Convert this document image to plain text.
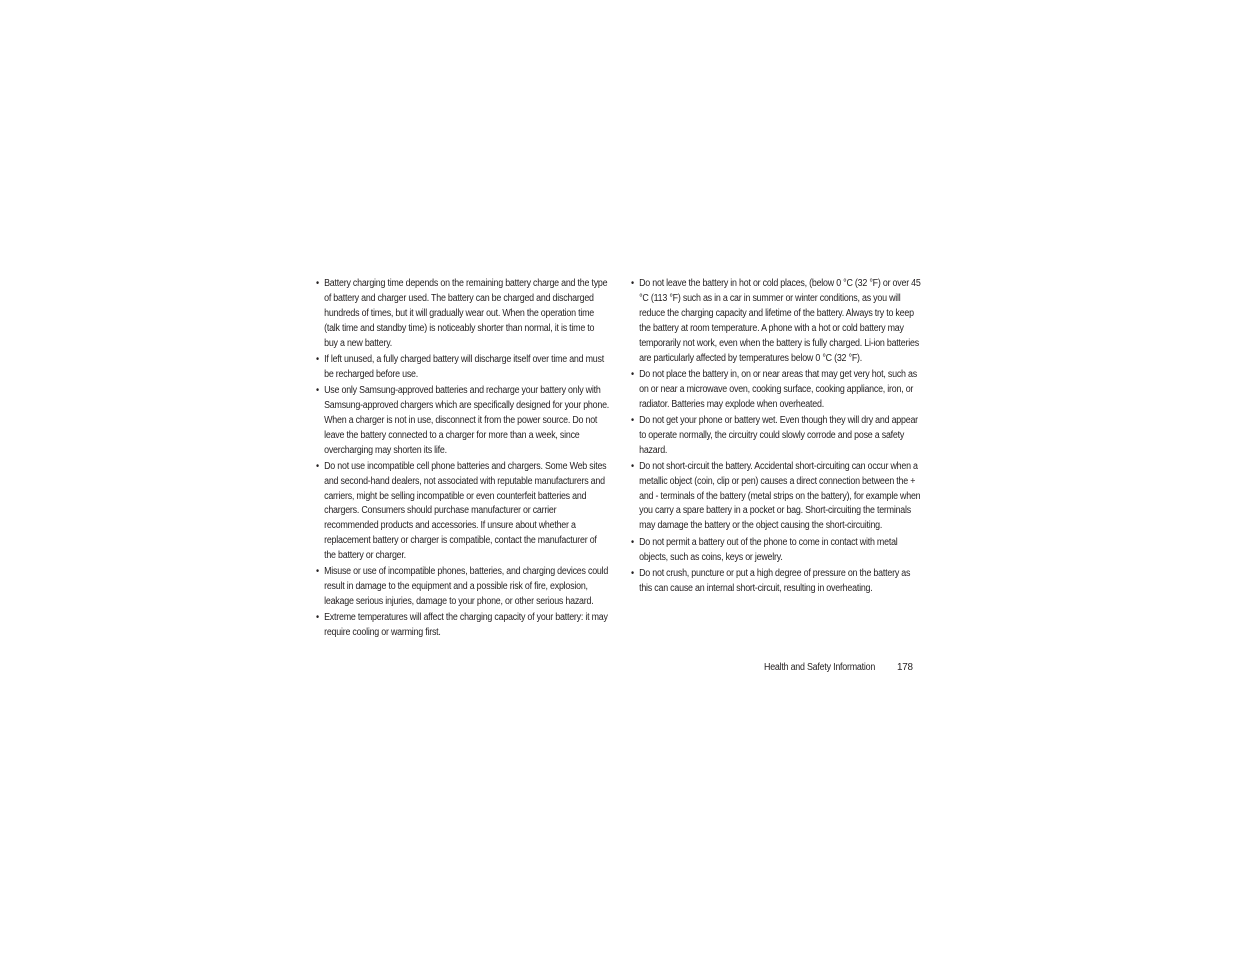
• Battery charging time depends on the remaining battery charge and the type of battery and charger used. The battery can be charged and discharged hundreds of times, but it will gradually wear out. When the operation time (talk time and standby time) is noticeably shorter than normal, it is time to buy a new battery.
• If left unused, a fully charged battery will discharge itself over time and must be recharged before use.
• Use only Samsung-approved batteries and recharge your battery only with Samsung-approved chargers which are specifically designed for your phone. When a charger is not in use, disconnect it from the power source. Do not leave the battery connected to a charger for more than a week, since overcharging may shorten its life.
• Do not use incompatible cell phone batteries and chargers. Some Web sites and second-hand dealers, not associated with reputable manufacturers and carriers, might be selling incompatible or even counterfeit batteries and chargers. Consumers should purchase manufacturer or carrier recommended products and accessories. If unsure about whether a replacement battery or charger is compatible, contact the manufacturer of the battery or charger.
• Misuse or use of incompatible phones, batteries, and charging devices could result in damage to the equipment and a possible risk of fire, explosion, leakage serious injuries, damage to your phone, or other serious hazard.
• Extreme temperatures will affect the charging capacity of your battery: it may require cooling or warming first.
• Do not leave the battery in hot or cold places, (below 0 °C (32 °F) or over 45 °C (113 °F) such as in a car in summer or winter conditions, as you will reduce the charging capacity and lifetime of the battery. Always try to keep the battery at room temperature. A phone with a hot or cold battery may temporarily not work, even when the battery is fully charged. Li-ion batteries are particularly affected by temperatures below 0 °C (32 °F).
• Do not place the battery in, on or near areas that may get very hot, such as on or near a microwave oven, cooking surface, cooking appliance, iron, or radiator. Batteries may explode when overheated.
• Do not get your phone or battery wet. Even though they will dry and appear to operate normally, the circuitry could slowly corrode and pose a safety hazard.
• Do not short-circuit the battery. Accidental short-circuiting can occur when a metallic object (coin, clip or pen) causes a direct connection between the + and - terminals of the battery (metal strips on the battery), for example when you carry a spare battery in a pocket or bag. Short-circuiting the terminals may damage the battery or the object causing the short-circuiting.
• Do not permit a battery out of the phone to come in contact with metal objects, such as coins, keys or jewelry.
• Do not crush, puncture or put a high degree of pressure on the battery as this can cause an internal short-circuit, resulting in overheating.
Health and Safety Information 178
